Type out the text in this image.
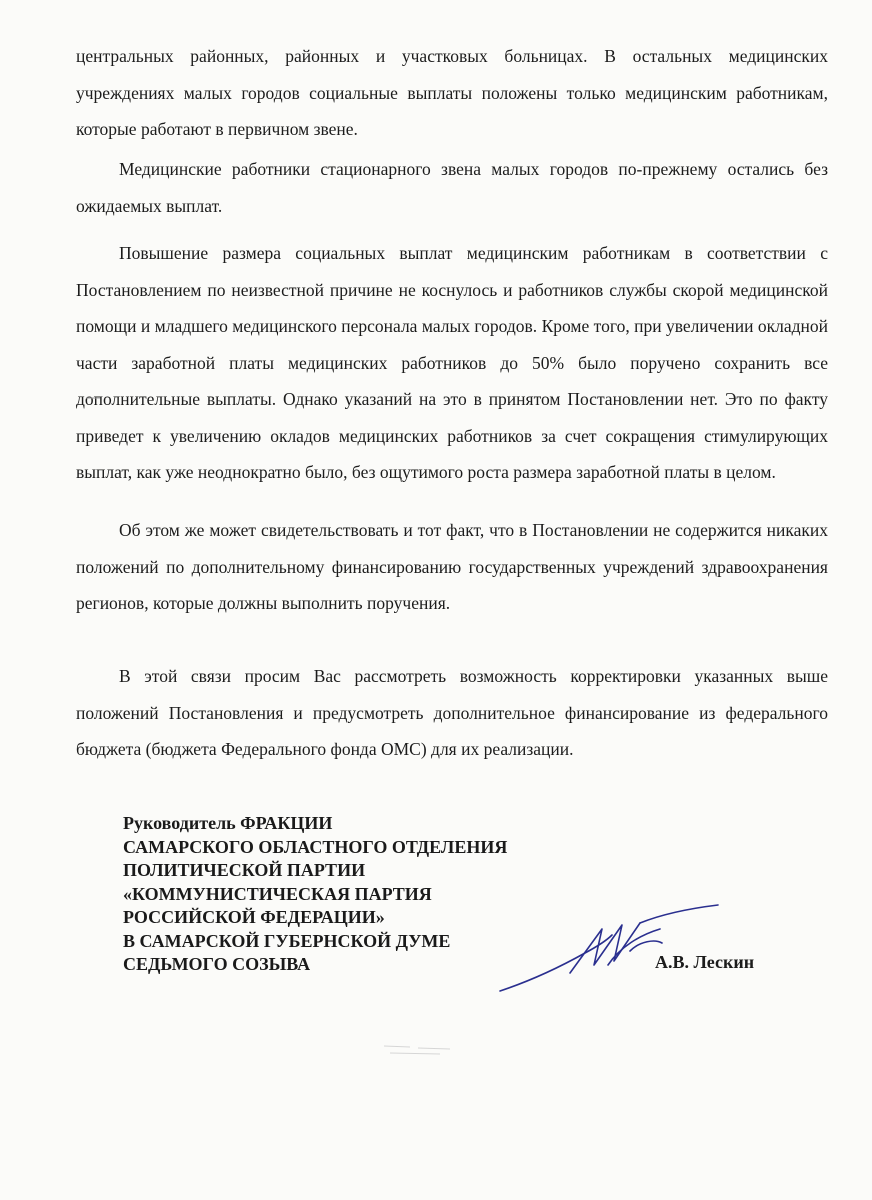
центральных районных, районных и участковых больницах. В остальных медицинских учреждениях малых городов социальные выплаты положены только медицинским работникам, которые работают в первичном звене.
Медицинские работники стационарного звена малых городов по-прежнему остались без ожидаемых выплат.
Повышение размера социальных выплат медицинским работникам в соответствии с Постановлением по неизвестной причине не коснулось и работников службы скорой медицинской помощи и младшего медицинского персонала малых городов. Кроме того, при увеличении окладной части заработной платы медицинских работников до 50% было поручено сохранить все дополнительные выплаты. Однако указаний на это в принятом Постановлении нет. Это по факту приведет к увеличению окладов медицинских работников за счет сокращения стимулирующих выплат, как уже неоднократно было, без ощутимого роста размера заработной платы в целом.
Об этом же может свидетельствовать и тот факт, что в Постановлении не содержится никаких положений по дополнительному финансированию государственных учреждений здравоохранения регионов, которые должны выполнить поручения.
В этой связи просим Вас рассмотреть возможность корректировки указанных выше положений Постановления и предусмотреть дополнительное финансирование из федерального бюджета (бюджета Федерального фонда ОМС) для их реализации.
Руководитель ФРАКЦИИ
САМАРСКОГО ОБЛАСТНОГО ОТДЕЛЕНИЯ
ПОЛИТИЧЕСКОЙ ПАРТИИ
«КОММУНИСТИЧЕСКАЯ ПАРТИЯ
РОССИЙСКОЙ ФЕДЕРАЦИИ»
В САМАРСКОЙ ГУБЕРНСКОЙ ДУМЕ
СЕДЬМОГО СОЗЫВА	А.В. Лескин
